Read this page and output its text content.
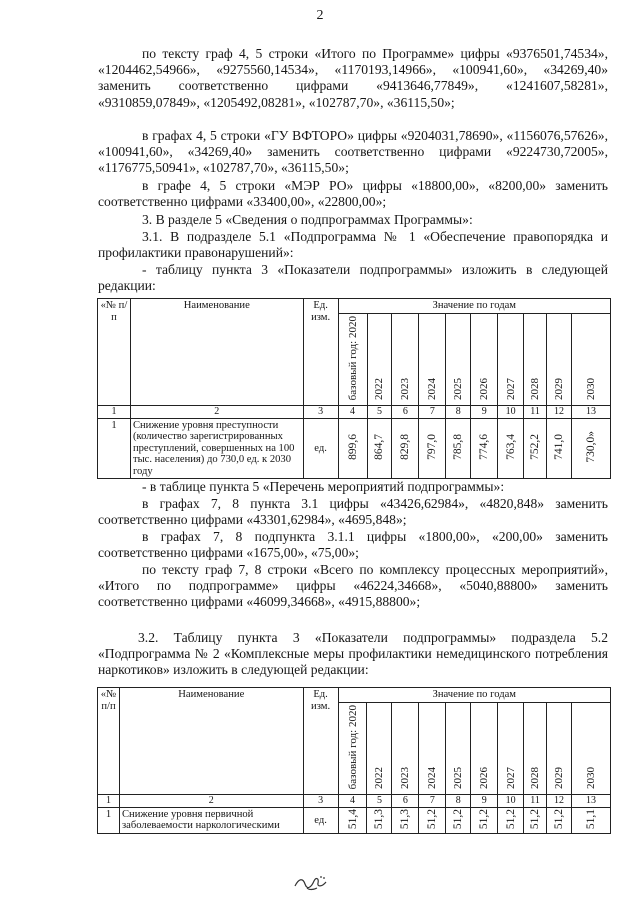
2
по тексту граф 4, 5 строки «Итого по Программе» цифры «9376501,74534», «1204462,54966», «9275560,14534», «1170193,14966», «100941,60», «34269,40» заменить соответственно цифрами «9413646,77849», «1241607,58281», «9310859,07849», «1205492,08281», «102787,70», «36115,50»;
в графах 4, 5 строки «ГУ ВФТОРО» цифры «9204031,78690», «1156076,57626», «100941,60», «34269,40» заменить соответственно цифрами «9224730,72005», «1176775,50941», «102787,70», «36115,50»;
в графе 4, 5 строки «МЭР РО» цифры «18800,00», «8200,00» заменить соответственно цифрами «33400,00», «22800,00»;
3. В разделе 5 «Сведения о подпрограммах Программы»:
3.1. В подразделе 5.1 «Подпрограмма № 1 «Обеспечение правопорядка и профилактики правонарушений»:
- таблицу пункта 3 «Показатели подпрограммы» изложить в следующей редакции:
«№ п/п	Наименование	Ед. изм.	Значение по годам									
			базовый год: 2020	2022	2023	2024	2025	2026	2027	2028	2029	2030
1	2	3	4	5	6	7	8	9	10	11	12	13
1	Снижение уровня преступности (количество зарегистрированных преступлений, совершенных на 100 тыс. населения) до 730,0 ед. к 2030 году	ед.	899,6	864,7	829,8	797,0	785,8	774,6	763,4	752,2	741,0	730,0»
- в таблице пункта 5 «Перечень мероприятий подпрограммы»:
в графах 7, 8 пункта 3.1 цифры «43426,62984», «4820,848» заменить соответственно цифрами «43301,62984», «4695,848»;
в графах 7, 8 подпункта 3.1.1 цифры «1800,00», «200,00» заменить соответственно цифрами «1675,00», «75,00»;
по тексту граф 7, 8 строки «Всего по комплексу процессных мероприятий», «Итого по подпрограмме» цифры «46224,34668», «5040,88800» заменить соответственно цифрами «46099,34668», «4915,88800»;
3.2. Таблицу пункта 3 «Показатели подпрограммы» подраздела 5.2 «Подпрограмма № 2 «Комплексные меры профилактики немедицинского потребления наркотиков» изложить в следующей редакции:
«№ п/п	Наименование	Ед. изм.	Значение по годам									
			базовый год: 2020	2022	2023	2024	2025	2026	2027	2028	2029	2030
1	2	3	4	5	6	7	8	9	10	11	12	13
1	Снижение уровня первичной заболеваемости наркологическими	ед.	51,4	51,3	51,3	51,2	51,2	51,2	51,2	51,2	51,2	51,1
